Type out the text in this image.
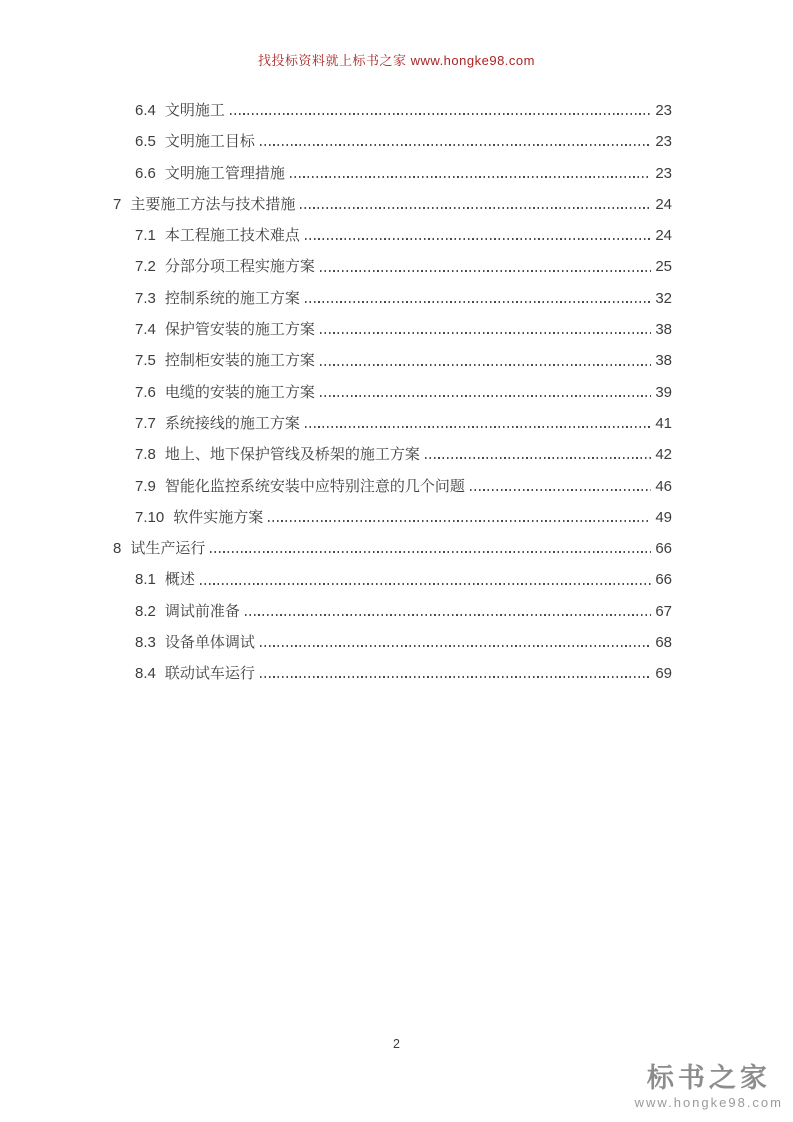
找投标资料就上标书之家 www.hongke98.com
6.4 文明施工	23
6.5 文明施工目标	23
6.6 文明施工管理措施	23
7 主要施工方法与技术措施	24
7.1 本工程施工技术难点	24
7.2 分部分项工程实施方案	25
7.3 控制系统的施工方案	32
7.4 保护管安装的施工方案	38
7.5 控制柜安装的施工方案	38
7.6 电缆的安装的施工方案	39
7.7 系统接线的施工方案	41
7.8 地上、地下保护管线及桥架的施工方案	42
7.9 智能化监控系统安装中应特别注意的几个问题	46
7.10 软件实施方案	49
8 试生产运行	66
8.1 概述	66
8.2 调试前准备	67
8.3 设备单体调试	68
8.4 联动试车运行	69
2
标书之家
www.hongke98.com
